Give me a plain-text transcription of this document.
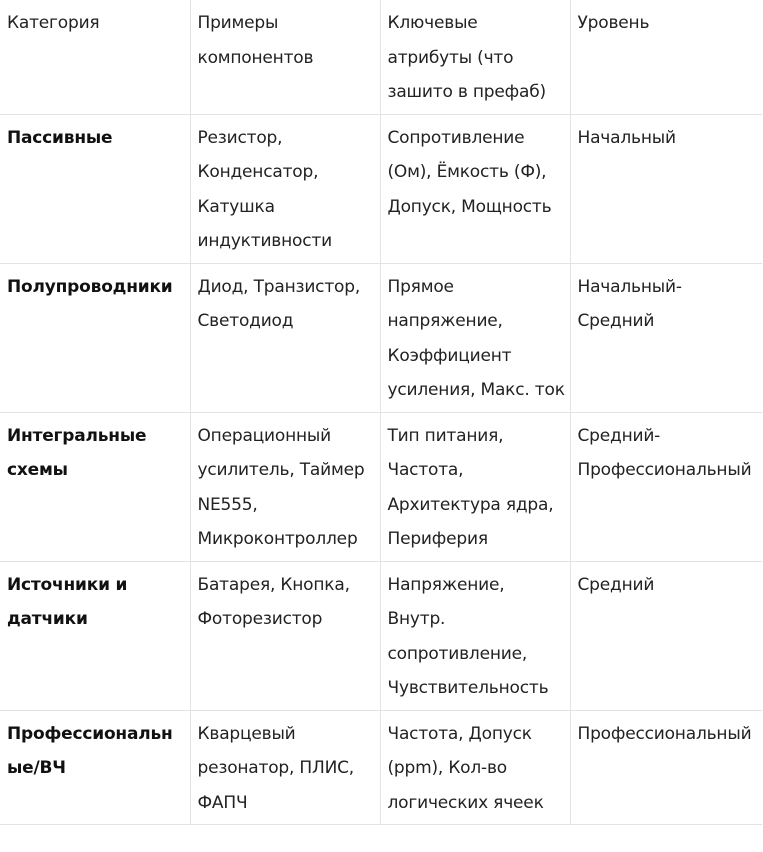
Категория	Примеры компонентов	Ключевые атрибуты (что зашито в префаб)	Уровень
Пассивные	Резистор, Конденсатор, Катушка индуктивности	Сопротивление (Ом), Ёмкость (Ф), Допуск, Мощность	Начальный
Полупроводники	Диод, Транзистор, Светодиод	Прямое напряжение, Коэффициент усиления, Макс. ток	Начальный-Средний
Интегральные схемы	Операционный усилитель, Таймер NE555, Микроконтроллер	Тип питания, Частота, Архитектура ядра, Периферия	Средний-Профессиональный
Источники и датчики	Батарея, Кнопка, Фоторезистор	Напряжение, Внутр. сопротивление, Чувствительность	Средний
Профессиональные/ВЧ	Кварцевый резонатор, ПЛИС, ФАПЧ	Частота, Допуск (ppm), Кол-во логических ячеек	Профессиональный
